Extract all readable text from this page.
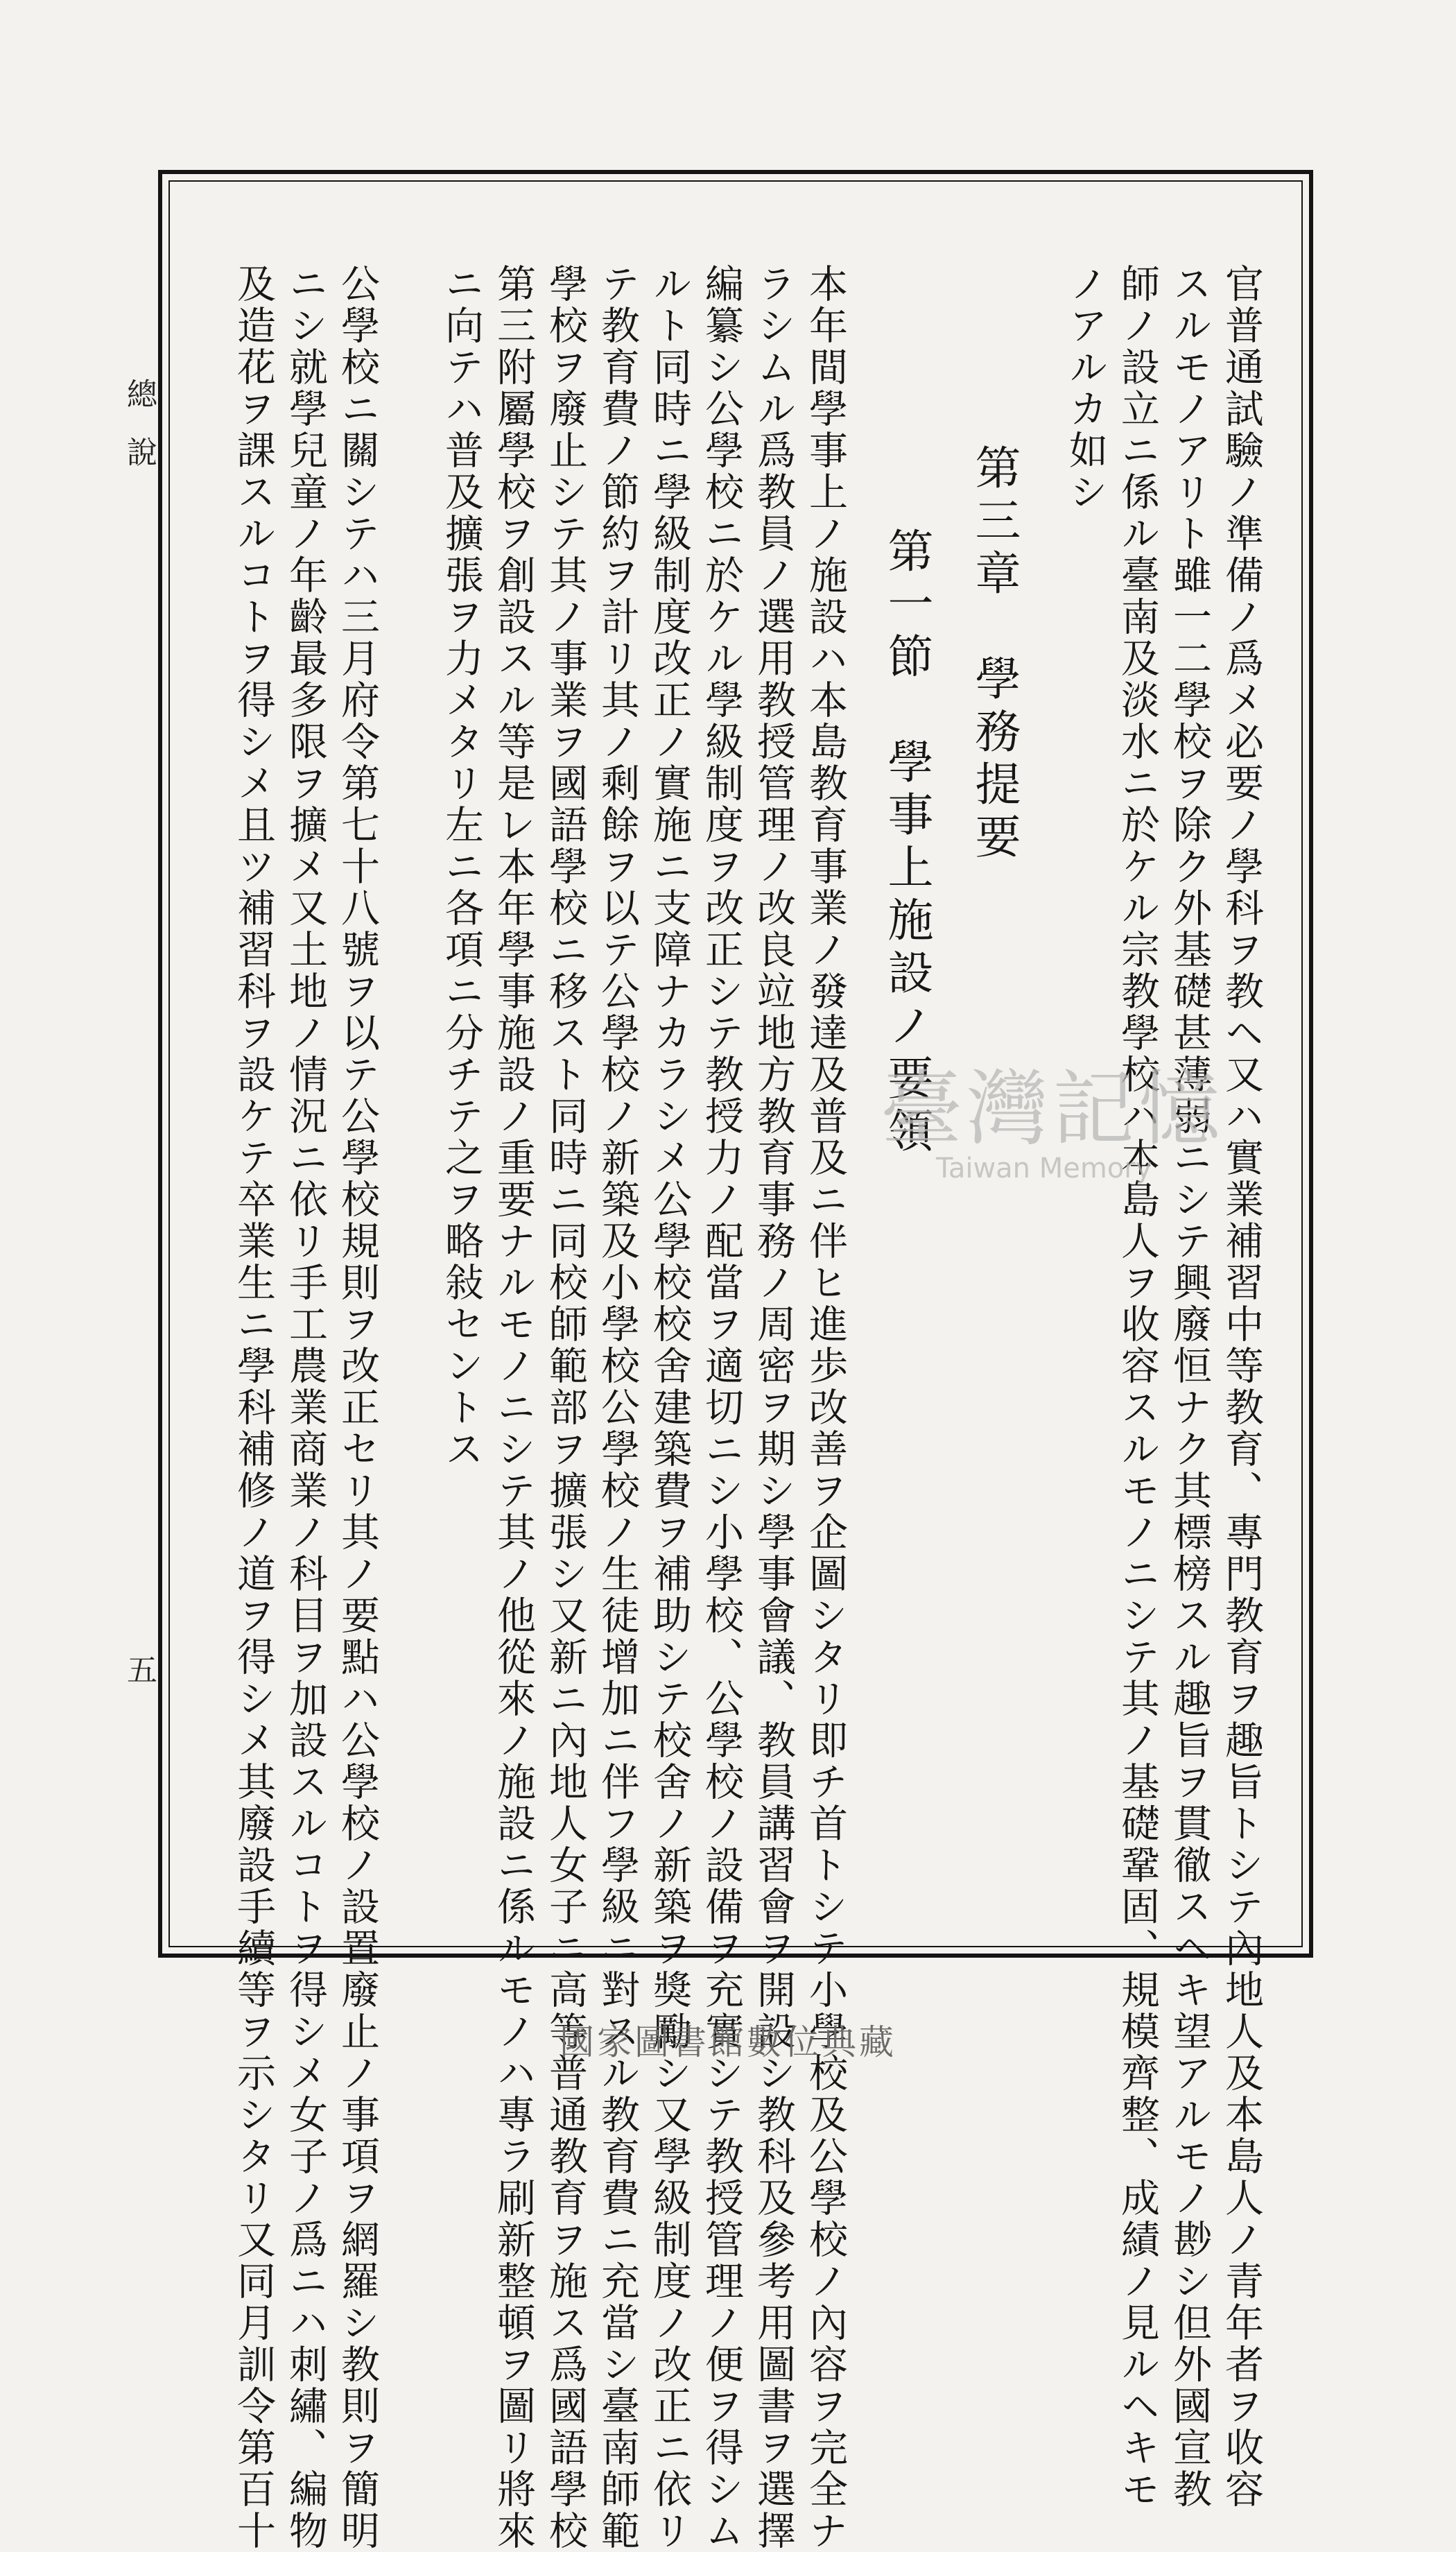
總說
五	官普通試驗ノ準備ノ爲メ必要ノ學科ヲ教ヘ又ハ實業補習中等教育、專門教育ヲ趣旨トシテ內地人及本島人ノ青年者ヲ收容
スルモノアリト雖一二學校ヲ除ク外基礎甚薄弱ニシテ興廢恒ナク其標榜スル趣旨ヲ貫徹スヘキ望アルモノ尠シ但外國宣教
師ノ設立ニ係ル臺南及淡水ニ於ケル宗教學校ハ本島人ヲ收容スルモノニシテ其ノ基礎鞏固、規模齊整、成績ノ見ルヘキモ
ノアルカ如シ
第三章　學務提要
第一節　學事上施設ノ要領
本年間學事上ノ施設ハ本島教育事業ノ發達及普及ニ伴ヒ進歩改善ヲ企圖シタリ即チ首トシテ小學校及公學校ノ內容ヲ完全ナ
ラシムル爲教員ノ選用教授管理ノ改良竝地方教育事務ノ周密ヲ期シ學事會議、教員講習會ヲ開設シ教科及參考用圖書ヲ選擇
編纂シ公學校ニ於ケル學級制度ヲ改正シテ教授力ノ配當ヲ適切ニシ小學校、公學校ノ設備ヲ充實シテ教授管理ノ便ヲ得シム
ルト同時ニ學級制度改正ノ實施ニ支障ナカラシメ公學校校舍建築費ヲ補助シテ校舍ノ新築ヲ獎勵シ又學級制度ノ改正ニ依リ
テ教育費ノ節約ヲ計リ其ノ剩餘ヲ以テ公學校ノ新築及小學校公學校ノ生徒增加ニ伴フ學級ニ對スル教育費ニ充當シ臺南師範
學校ヲ廢止シテ其ノ事業ヲ國語學校ニ移スト同時ニ同校師範部ヲ擴張シ又新ニ內地人女子ニ高等普通教育ヲ施ス爲國語學校
第三附屬學校ヲ創設スル等是レ本年學事施設ノ重要ナルモノニシテ其ノ他從來ノ施設ニ係ルモノハ專ラ刷新整頓ヲ圖リ將來
ニ向テハ普及擴張ヲ力メタリ左ニ各項ニ分チテ之ヲ略敍セントス
公學校ニ關シテハ三月府令第七十八號ヲ以テ公學校規則ヲ改正セリ其ノ要點ハ公學校ノ設置廢止ノ事項ヲ網羅シ教則ヲ簡明
ニシ就學兒童ノ年齡最多限ヲ擴メ又土地ノ情況ニ依リ手工農業商業ノ科目ヲ加設スルコトヲ得シメ女子ノ爲ニハ刺繡、編物
及造花ヲ課スルコトヲ得シメ且ツ補習科ヲ設ケテ卒業生ニ學科補修ノ道ヲ得シメ其廢設手續等ヲ示シタリ又同月訓令第百十	臺灣記憶
Taiwan Memory
國家圖書館數位典藏
